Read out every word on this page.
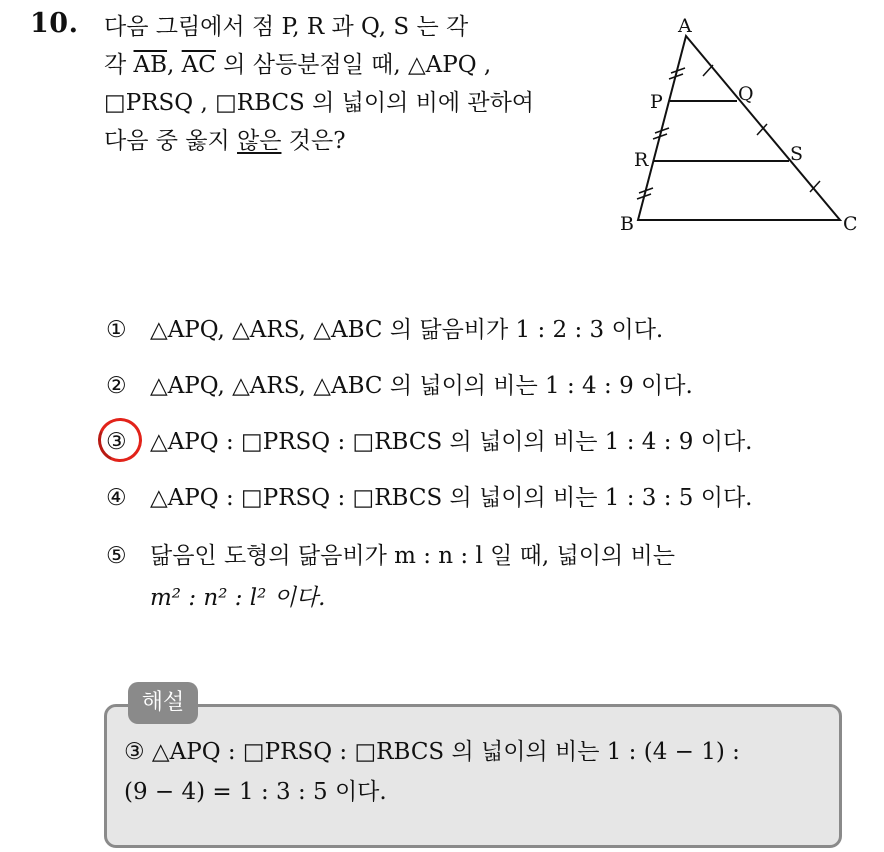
10. 다음 그림에서 점 P, R 과 Q, S 는 각
각 $\overline{AB}$, $\overline{AC}$ 의 삼등분점일 때, △APQ ,
□PRSQ , □RBCS 의 넓이의 비에 관하여
다음 중 옳지 않은 것은?
A
P	Q
R	S
B	C
① △APQ, △ARS, △ABC 의 닮음비가 1 : 2 : 3 이다.
② △APQ, △ARS, △ABC 의 넓이의 비는 1 : 4 : 9 이다.
③ △APQ : □PRSQ : □RBCS 의 넓이의 비는 1 : 4 : 9 이다.
④ △APQ : □PRSQ : □RBCS 의 넓이의 비는 1 : 3 : 5 이다.
⑤ 닮음인 도형의 닮음비가 m : n : l 일 때, 넓이의 비는
m² : n² : l² 이다.
해설
③ △APQ : □PRSQ : □RBCS 의 넓이의 비는 1 : (4 − 1) :
(9 − 4) = 1 : 3 : 5 이다.
